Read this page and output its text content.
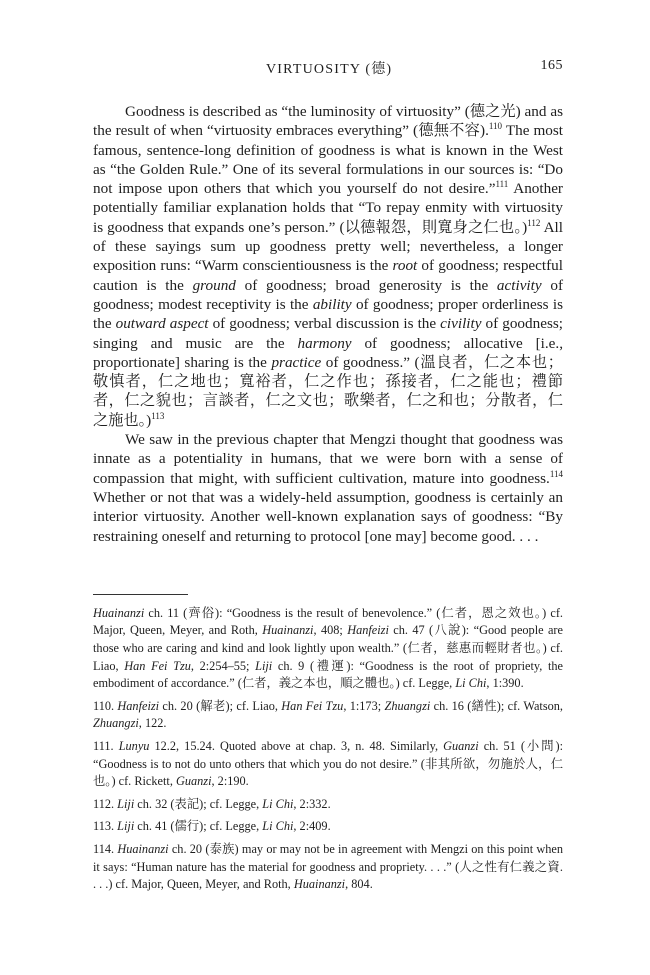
VIRTUOSITY (德)	165

Goodness is described as “the luminosity of virtuosity” (德之光) and as the result of when “virtuosity embraces everything” (德無不容).$^{110}$ The most famous, sentence-long definition of goodness is what is known in the West as “the Golden Rule.” One of its several formulations in our sources is: “Do not impose upon others that which you yourself do not desire.”$^{111}$ Another potentially familiar explanation holds that “To repay enmity with virtuosity is goodness that expands one’s person.” (以德報怨，則寬身之仁也。)$^{112}$ All of these sayings sum up goodness pretty well; nevertheless, a longer exposition runs: “Warm conscientiousness is the root of goodness; respectful caution is the ground of goodness; broad generosity is the activity of goodness; modest receptivity is the ability of goodness; proper orderliness is the outward aspect of goodness; verbal discussion is the civility of goodness; singing and music are the harmony of goodness; allocative [i.e., proportionate] sharing is the practice of goodness.” (溫良者，仁之本也；敬慎者，仁之地也；寬裕者，仁之作也；孫接者，仁之能也；禮節者，仁之貌也；言談者，仁之文也；歌樂者，仁之和也；分散者，仁之施也。)$^{113}$

We saw in the previous chapter that Mengzi thought that goodness was innate as a potentiality in humans, that we were born with a sense of compassion that might, with sufficient cultivation, mature into goodness.$^{114}$ Whether or not that was a widely-held assumption, goodness is certainly an interior virtuosity. Another well-known explanation says of goodness: “By restraining oneself and returning to protocol [one may] become good. . . .

Huainanzi ch. 11 (齊俗): “Goodness is the result of benevolence.” (仁者，恩之效也。) cf. Major, Queen, Meyer, and Roth, Huainanzi, 408; Hanfeizi ch. 47 (八說): “Good people are those who are caring and kind and look lightly upon wealth.” (仁者，慈惠而輕財者也。) cf. Liao, Han Fei Tzu, 2:254–55; Liji ch. 9 (禮運): “Goodness is the root of propriety, the embodiment of accordance.” (仁者，義之本也，順之體也。) cf. Legge, Li Chi, 1:390.

110. Hanfeizi ch. 20 (解老); cf. Liao, Han Fei Tzu, 1:173; Zhuangzi ch. 16 (繕性); cf. Watson, Zhuangzi, 122.

111. Lunyu 12.2, 15.24. Quoted above at chap. 3, n. 48. Similarly, Guanzi ch. 51 (小問): “Goodness is to not do unto others that which you do not desire.” (非其所欲，勿施於人，仁也。) cf. Rickett, Guanzi, 2:190.

112. Liji ch. 32 (表記); cf. Legge, Li Chi, 2:332.

113. Liji ch. 41 (儒行); cf. Legge, Li Chi, 2:409.

114. Huainanzi ch. 20 (泰族) may or may not be in agreement with Mengzi on this point when it says: “Human nature has the material for goodness and propriety. . . .” (人之性有仁義之資. . . .) cf. Major, Queen, Meyer, and Roth, Huainanzi, 804.
